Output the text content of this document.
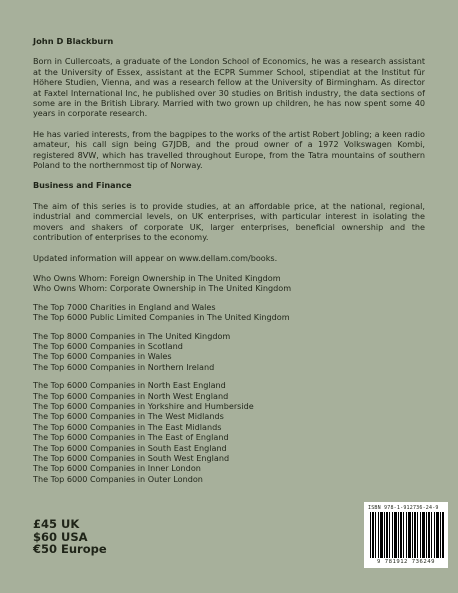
John D Blackburn

Born in Cullercoats, a graduate of the London School of Economics, he was a research assistant at the University of Essex, assistant at the ECPR Summer School, stipendiat at the Institut für Höhere Studien, Vienna, and was a research fellow at the University of Birmingham. As director at Faxtel International Inc, he published over 30 studies on British industry, the data sections of some are in the British Library. Married with two grown up children, he has now spent some 40 years in corporate research.

He has varied interests, from the bagpipes to the works of the artist Robert Jobling; a keen radio amateur, his call sign being G7JDB, and the proud owner of a 1972 Volkswagen Kombi, registered 8VW, which has travelled throughout Europe, from the Tatra mountains of southern Poland to the northernmost tip of Norway.

Business and Finance

The aim of this series is to provide studies, at an affordable price, at the national, regional, industrial and commercial levels, on UK enterprises, with particular interest in isolating the movers and shakers of corporate UK, larger enterprises, beneficial ownership and the contribution of enterprises to the economy.

Updated information will appear on www.dellam.com/books.

Who Owns Whom: Foreign Ownership in The United Kingdom
Who Owns Whom: Corporate Ownership in The United Kingdom
The Top 7000 Charities in England and Wales
The Top 6000 Public Limited Companies in The United Kingdom
The Top 8000 Companies in The United Kingdom
The Top 6000 Companies in Scotland
The Top 6000 Companies in Wales
The Top 6000 Companies in Northern Ireland
The Top 6000 Companies in North East England
The Top 6000 Companies in North West England
The Top 6000 Companies in Yorkshire and Humberside
The Top 6000 Companies in The West Midlands
The Top 6000 Companies in The East Midlands
The Top 6000 Companies in The East of England
The Top 6000 Companies in South East England
The Top 6000 Companies in South West England
The Top 6000 Companies in Inner London
The Top 6000 Companies in Outer London
£45 UK
$60 USA
€50 Europe
ISBN 978-1-912736-24-9
9 781912 736249
